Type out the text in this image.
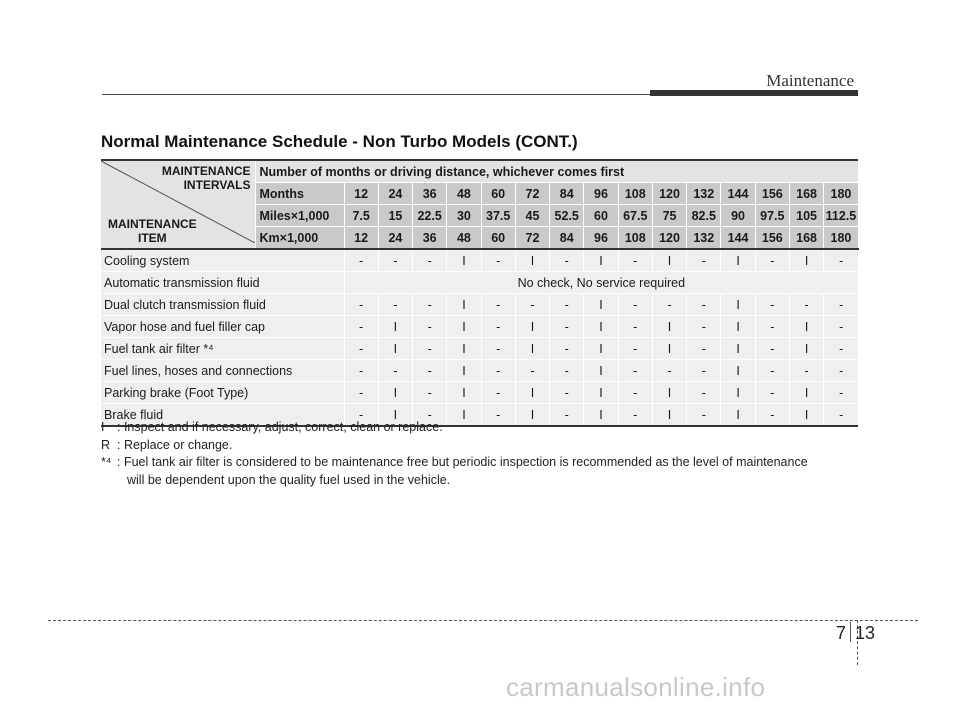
Maintenance
Normal Maintenance Schedule - Non Turbo Models (CONT.)
MAINTENANCE
INTERVALS
MAINTENANCE
ITEM	Number of months or driving distance, whichever comes first															
	Months	12	24	36	48	60	72	84	96	108	120	132	144	156	168	180
	Miles×1,000	7.5	15	22.5	30	37.5	45	52.5	60	67.5	75	82.5	90	97.5	105	112.5
	Km×1,000	12	24	36	48	60	72	84	96	108	120	132	144	156	168	180
Cooling system		-	-	-	I	-	I	-	I	-	I	-	I	-	I	-
Automatic transmission fluid		No check, No service required														
Dual clutch transmission fluid		-	-	-	I	-	-	-	I	-	-	-	I	-	-	-
Vapor hose and fuel filler cap		-	I	-	I	-	I	-	I	-	I	-	I	-	I	-
Fuel tank air filter *⁴		-	I	-	I	-	I	-	I	-	I	-	I	-	I	-
Fuel lines, hoses and connections		-	-	-	I	-	-	-	I	-	-	-	I	-	-	-
Parking brake (Foot Type)		-	I	-	I	-	I	-	I	-	I	-	I	-	I	-
Brake fluid		-	I	-	I	-	I	-	I	-	I	-	I	-	I	-
I	: Inspect and if necessary, adjust, correct, clean or replace.
R : Replace or change.
*⁴ : Fuel tank air filter is considered to be maintenance free but periodic inspection is recommended as the level of maintenance
will be dependent upon the quality fuel used in the vehicle.
7 13
carmanualsonline.info
